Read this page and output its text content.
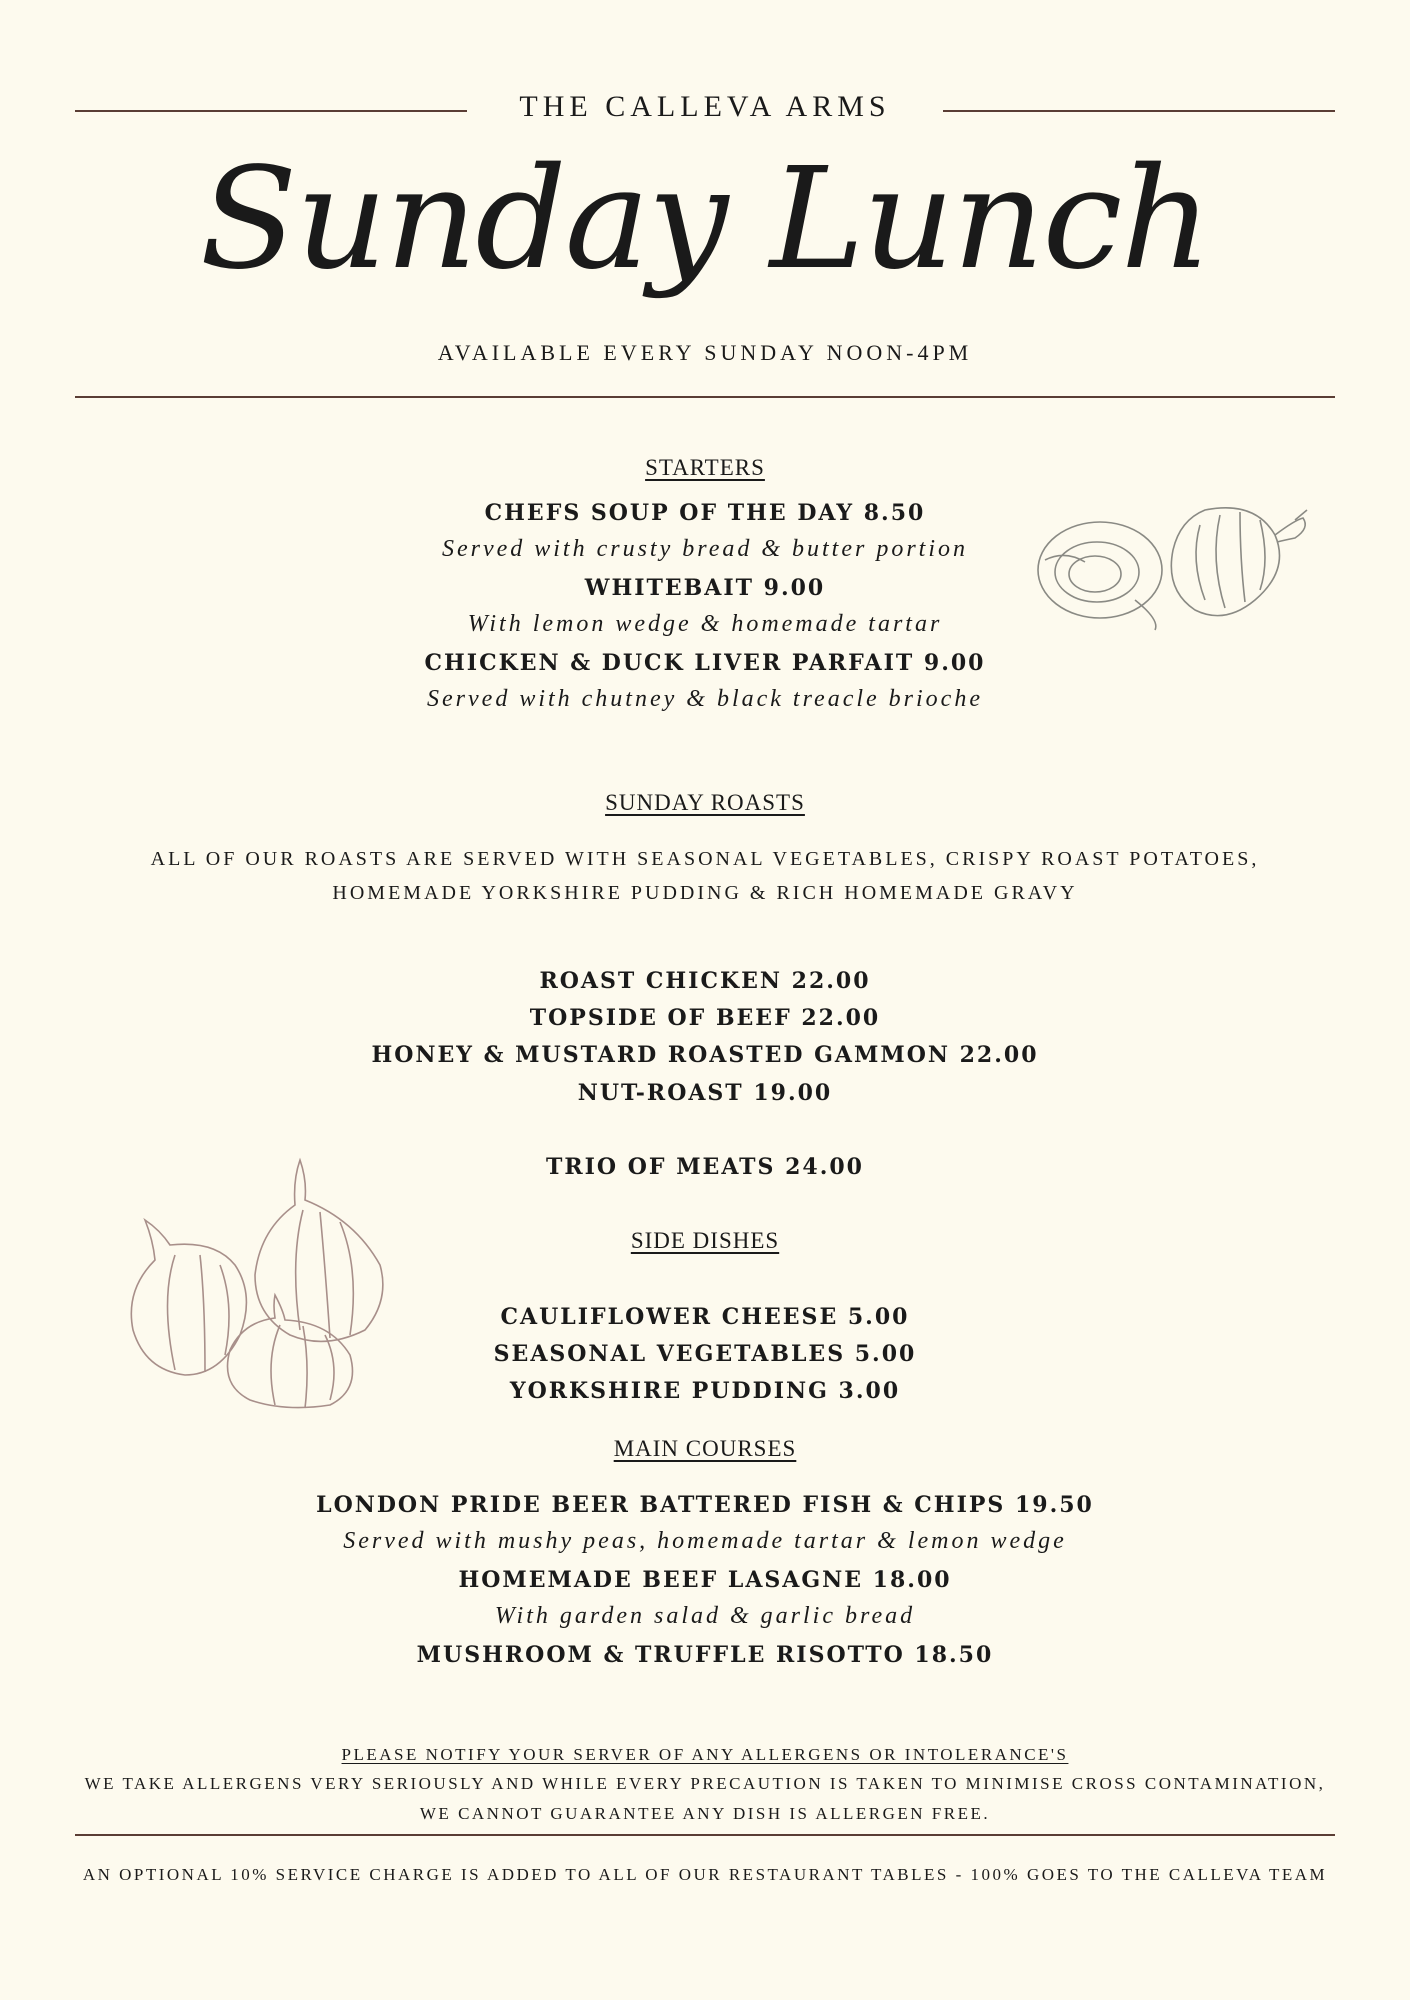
THE CALLEVA ARMS
Sunday Lunch
AVAILABLE EVERY SUNDAY NOON-4PM
STARTERS
CHEFS SOUP OF THE DAY 8.50
Served with crusty bread & butter portion
WHITEBAIT 9.00
With lemon wedge & homemade tartar
CHICKEN & DUCK LIVER PARFAIT 9.00
Served with chutney & black treacle brioche
SUNDAY ROASTS
ALL OF OUR ROASTS ARE SERVED WITH SEASONAL VEGETABLES, CRISPY ROAST POTATOES,
HOMEMADE YORKSHIRE PUDDING & RICH HOMEMADE GRAVY
ROAST CHICKEN 22.00
TOPSIDE OF BEEF 22.00
HONEY & MUSTARD ROASTED GAMMON 22.00
NUT-ROAST 19.00
TRIO OF MEATS 24.00
SIDE DISHES
CAULIFLOWER CHEESE 5.00
SEASONAL VEGETABLES 5.00
YORKSHIRE PUDDING 3.00
MAIN COURSES
LONDON PRIDE BEER BATTERED FISH & CHIPS 19.50
Served with mushy peas, homemade tartar & lemon wedge
HOMEMADE BEEF LASAGNE 18.00
With garden salad & garlic bread
MUSHROOM & TRUFFLE RISOTTO 18.50
PLEASE NOTIFY YOUR SERVER OF ANY ALLERGENS OR INTOLERANCE'S
WE TAKE ALLERGENS VERY SERIOUSLY AND WHILE EVERY PRECAUTION IS TAKEN TO MINIMISE CROSS CONTAMINATION,
WE CANNOT GUARANTEE ANY DISH IS ALLERGEN FREE.
AN OPTIONAL 10% SERVICE CHARGE IS ADDED TO ALL OF OUR RESTAURANT TABLES - 100% GOES TO THE CALLEVA TEAM
